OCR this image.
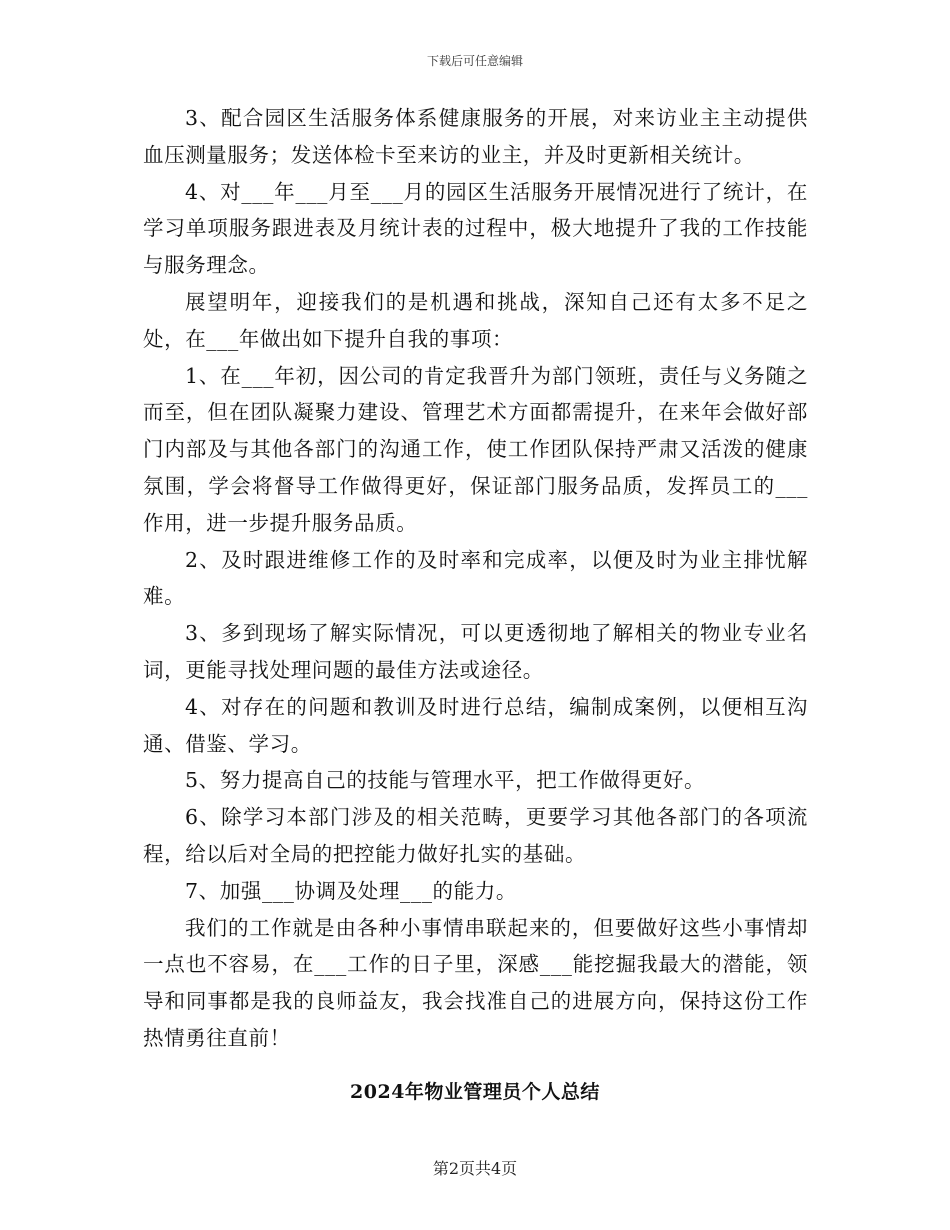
下载后可任意编辑

3、配合园区生活服务体系健康服务的开展，对来访业主主动提供血压测量服务；发送体检卡至来访的业主，并及时更新相关统计。

4、对___年___月至___月的园区生活服务开展情况进行了统计，在学习单项服务跟进表及月统计表的过程中，极大地提升了我的工作技能与服务理念。

展望明年，迎接我们的是机遇和挑战，深知自己还有太多不足之处，在___年做出如下提升自我的事项：

1、在___年初，因公司的肯定我晋升为部门领班，责任与义务随之而至，但在团队凝聚力建设、管理艺术方面都需提升，在来年会做好部门内部及与其他各部门的沟通工作，使工作团队保持严肃又活泼的健康氛围，学会将督导工作做得更好，保证部门服务品质，发挥员工的___作用，进一步提升服务品质。

2、及时跟进维修工作的及时率和完成率，以便及时为业主排忧解难。

3、多到现场了解实际情况，可以更透彻地了解相关的物业专业名词，更能寻找处理问题的最佳方法或途径。

4、对存在的问题和教训及时进行总结，编制成案例，以便相互沟通、借鉴、学习。

5、努力提高自己的技能与管理水平，把工作做得更好。

6、除学习本部门涉及的相关范畴，更要学习其他各部门的各项流程，给以后对全局的把控能力做好扎实的基础。

7、加强___协调及处理___的能力。

我们的工作就是由各种小事情串联起来的，但要做好这些小事情却一点也不容易，在___工作的日子里，深感___能挖掘我最大的潜能，领导和同事都是我的良师益友，我会找准自己的进展方向，保持这份工作热情勇往直前！

2024年物业管理员个人总结
第2页共4页
